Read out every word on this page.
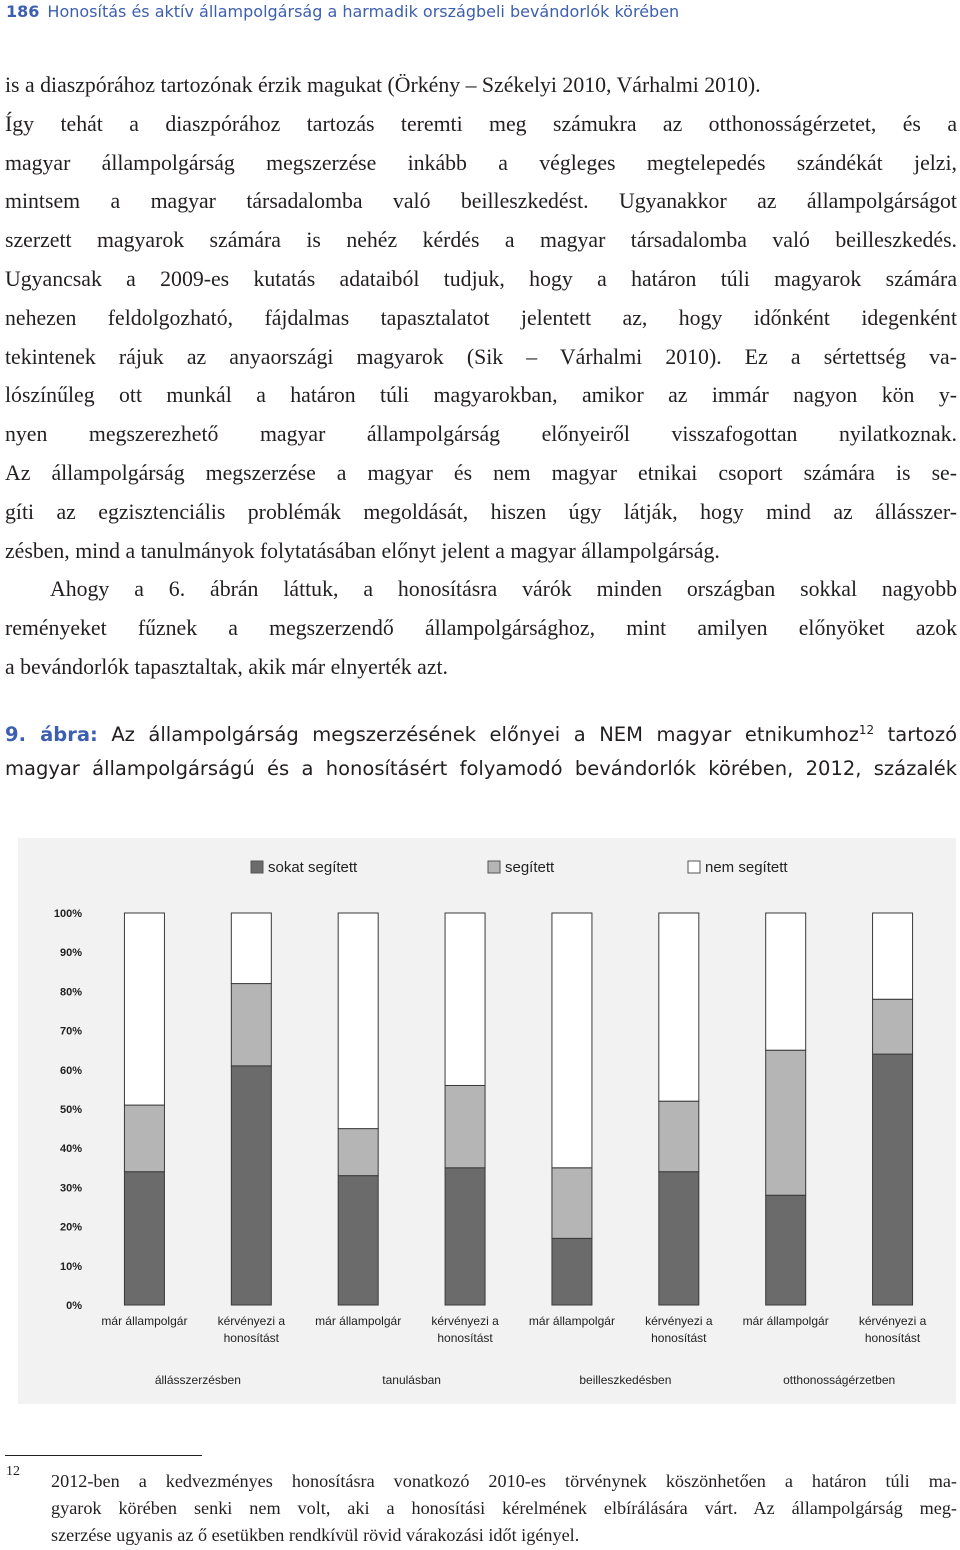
186 Honosítás és aktív állampolgárság a harmadik országbeli bevándorlók körében
is a diaszpórához tartozónak érzik magukat (Örkény – Székelyi 2010, Várhalmi 2010).
Így tehát a diaszpórához tartozás teremti meg számukra az otthonosságérzetet, és a
magyar állampolgárság megszerzése inkább a végleges megtelepedés szándékát jelzi,
mintsem a magyar társadalomba való beilleszkedést. Ugyanakkor az állampolgárságot
szerzett magyarok számára is nehéz kérdés a magyar társadalomba való beilleszkedés.
Ugyancsak a 2009-es kutatás adataiból tudjuk, hogy a határon túli magyarok számára
nehezen feldolgozható, fájdalmas tapasztalatot jelentett az, hogy időnként idegenként
tekintenek rájuk az anyaországi magyarok (Sik – Várhalmi 2010). Ez a sértettség va-
lószínűleg ott munkál a határon túli magyarokban, amikor az immár nagyon kön y-
nyen megszerezhető magyar állampolgárság előnyeiről visszafogottan nyilatkoznak.
Az állampolgárság megszerzése a magyar és nem magyar etnikai csoport számára is se-
gíti az egzisztenciális problémák megoldását, hiszen úgy látják, hogy mind az állásszer-
zésben, mind a tanulmányok folytatásában előnyt jelent a magyar állampolgárság.
Ahogy a 6. ábrán láttuk, a honosításra várók minden országban sokkal nagyobb
reményeket fűznek a megszerzendő állampolgársághoz, mint amilyen előnyöket azok
a bevándorlók tapasztaltak, akik már elnyerték azt.
9. ábra: Az állampolgárság megszerzésének előnyei a NEM magyar etnikumhoz$^{12}$ tartozó
magyar állampolgárságú és a honosításért folyamodó bevándorlók körében, 2012, százalék
sokat segített	segített	nem segített
0%
10%
20%
30%
40%
50%
60%
70%
80%
90%
100%
már állampolgár	kérvényezi a
honosítást
már állampolgár	kérvényezi a
honosítást
már állampolgár	kérvényezi a
honosítást
már állampolgár	kérvényezi a
honosítást
állásszerzésben	tanulásban	beilleszkedésben	otthonosságérzetben
12 2012-ben a kedvezményes honosításra vonatkozó 2010-es törvénynek köszönhetően a határon túli ma-
gyarok körében senki nem volt, aki a honosítási kérelmének elbírálására várt. Az állampolgárság meg-
szerzése ugyanis az ő esetükben rendkívül rövid várakozási időt igényel.
